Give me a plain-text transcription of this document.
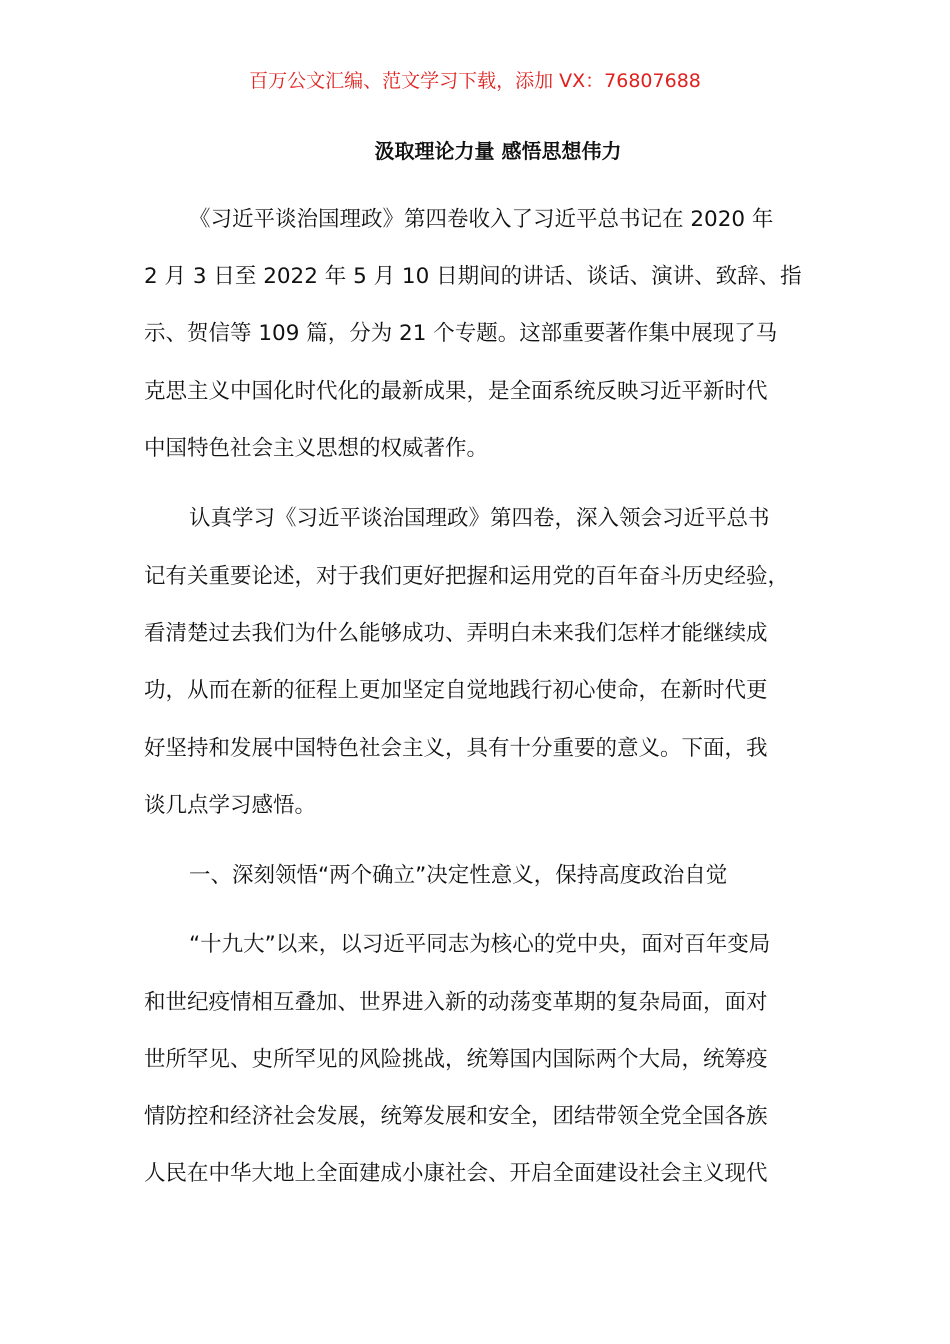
百万公文汇编、范文学习下载，添加 VX：76807688
汲取理论力量 感悟思想伟力
《习近平谈治国理政》第四卷收入了习近平总书记在 2020 年
2 月 3 日至 2022 年 5 月 10 日期间的讲话、谈话、演讲、致辞、指
示、贺信等 109 篇，分为 21 个专题。这部重要著作集中展现了马
克思主义中国化时代化的最新成果，是全面系统反映习近平新时代
中国特色社会主义思想的权威著作。
认真学习《习近平谈治国理政》第四卷，深入领会习近平总书
记有关重要论述，对于我们更好把握和运用党的百年奋斗历史经验，
看清楚过去我们为什么能够成功、弄明白未来我们怎样才能继续成
功，从而在新的征程上更加坚定自觉地践行初心使命，在新时代更
好坚持和发展中国特色社会主义，具有十分重要的意义。下面，我
谈几点学习感悟。
一、深刻领悟“两个确立”决定性意义，保持高度政治自觉
“十九大”以来，以习近平同志为核心的党中央，面对百年变局
和世纪疫情相互叠加、世界进入新的动荡变革期的复杂局面，面对
世所罕见、史所罕见的风险挑战，统筹国内国际两个大局，统筹疫
情防控和经济社会发展，统筹发展和安全，团结带领全党全国各族
人民在中华大地上全面建成小康社会、开启全面建设社会主义现代
